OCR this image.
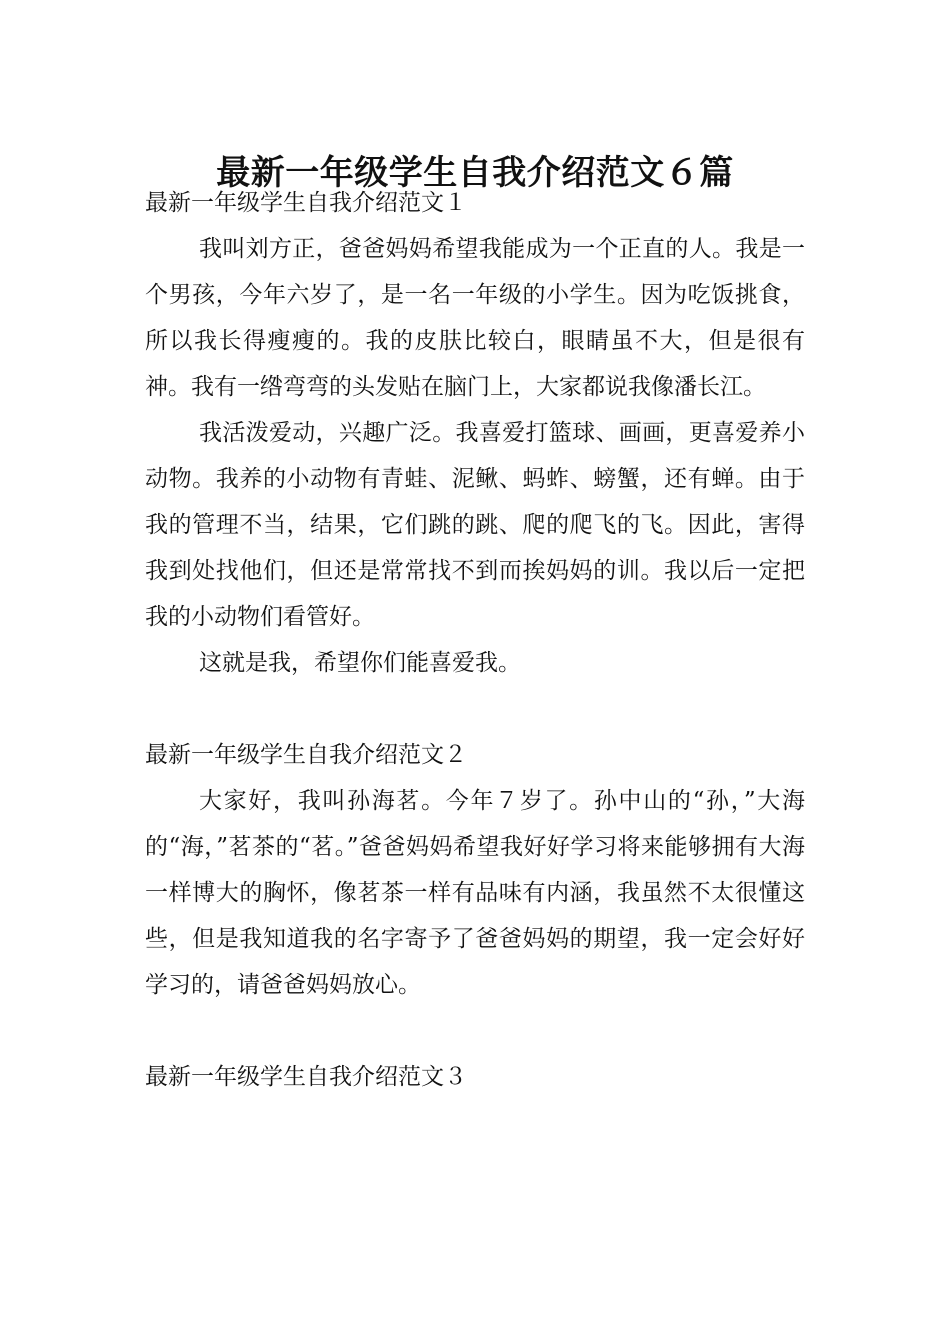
最新一年级学生自我介绍范文６篇

最新一年级学生自我介绍范文１

我叫刘方正，爸爸妈妈希望我能成为一个正直的人。我是一个男孩，今年六岁了，是一名一年级的小学生。因为吃饭挑食，所以我长得瘦瘦的。我的皮肤比较白，眼睛虽不大，但是很有神。我有一绺弯弯的头发贴在脑门上，大家都说我像潘长江。

我活泼爱动，兴趣广泛。我喜爱打篮球、画画，更喜爱养小动物。我养的小动物有青蛙、泥鳅、蚂蚱、螃蟹，还有蝉。由于我的管理不当，结果，它们跳的跳、爬的爬飞的飞。因此，害得我到处找他们，但还是常常找不到而挨妈妈的训。我以后一定把我的小动物们看管好。

这就是我，希望你们能喜爱我。

最新一年级学生自我介绍范文２

大家好，我叫孙海茗。今年７岁了。孙中山的“孙，”大海的“海，”茗茶的“茗。”爸爸妈妈希望我好好学习将来能够拥有大海一样博大的胸怀，像茗茶一样有品味有内涵，我虽然不太很懂这些，但是我知道我的名字寄予了爸爸妈妈的期望，我一定会好好学习的，请爸爸妈妈放心。

最新一年级学生自我介绍范文３
